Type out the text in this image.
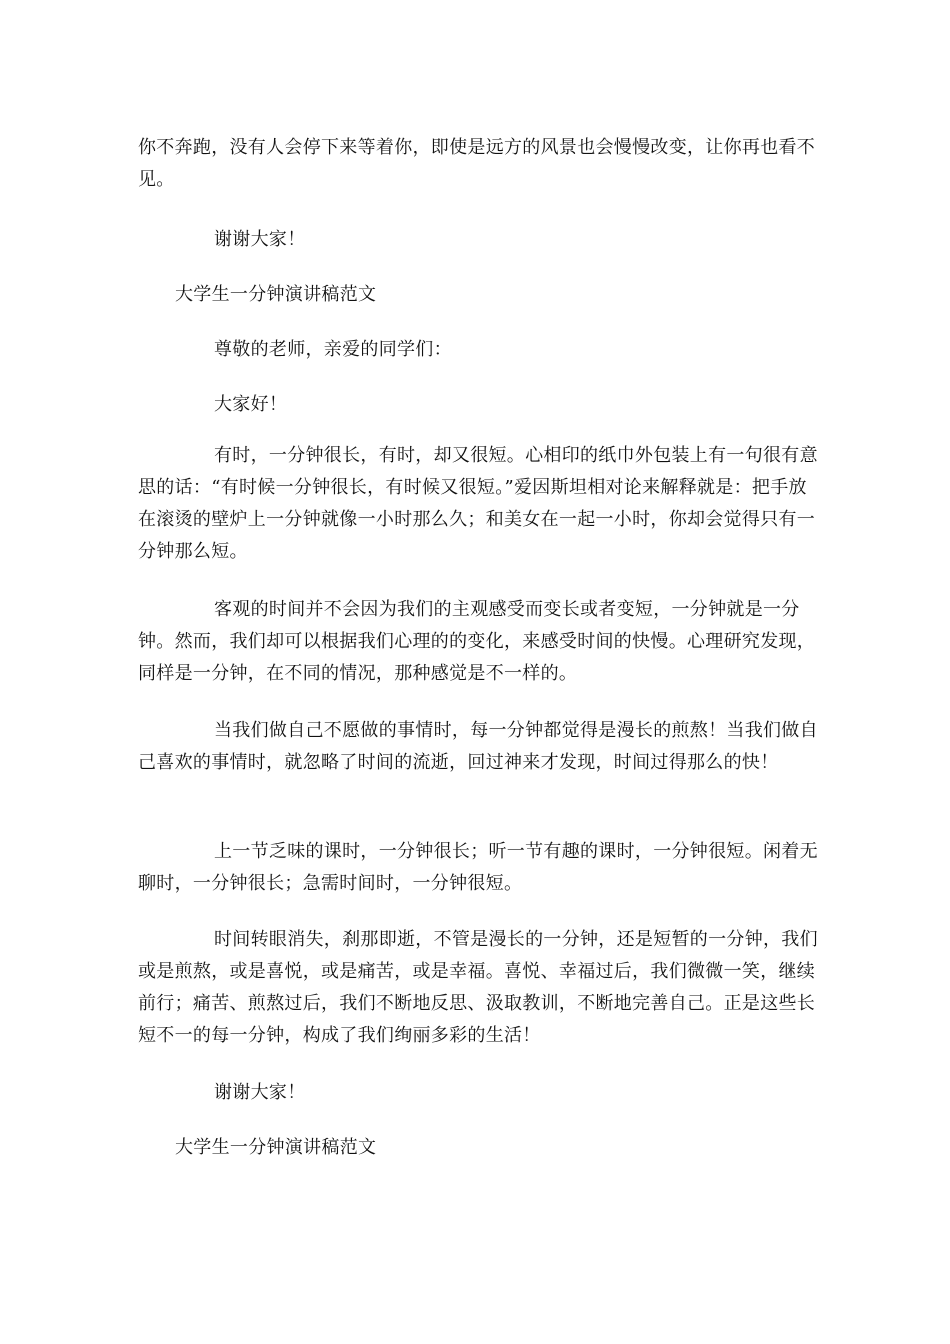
你不奔跑，没有人会停下来等着你，即使是远方的风景也会慢慢改变，让你再也看不见。

谢谢大家！

大学生一分钟演讲稿范文

尊敬的老师，亲爱的同学们：

大家好！

有时，一分钟很长，有时，却又很短。心相印的纸巾外包装上有一句很有意思的话：“有时候一分钟很长，有时候又很短。”爱因斯坦相对论来解释就是：把手放在滚烫的壁炉上一分钟就像一小时那么久；和美女在一起一小时，你却会觉得只有一分钟那么短。

客观的时间并不会因为我们的主观感受而变长或者变短，一分钟就是一分钟。然而，我们却可以根据我们心理的的变化，来感受时间的快慢。心理研究发现，同样是一分钟，在不同的情况，那种感觉是不一样的。

当我们做自己不愿做的事情时，每一分钟都觉得是漫长的煎熬！当我们做自己喜欢的事情时，就忽略了时间的流逝，回过神来才发现，时间过得那么的快！

上一节乏味的课时，一分钟很长；听一节有趣的课时，一分钟很短。闲着无聊时，一分钟很长；急需时间时，一分钟很短。

时间转眼消失，刹那即逝，不管是漫长的一分钟，还是短暂的一分钟，我们或是煎熬，或是喜悦，或是痛苦，或是幸福。喜悦、幸福过后，我们微微一笑，继续前行；痛苦、煎熬过后，我们不断地反思、汲取教训，不断地完善自己。正是这些长短不一的每一分钟，构成了我们绚丽多彩的生活！

谢谢大家！

大学生一分钟演讲稿范文
